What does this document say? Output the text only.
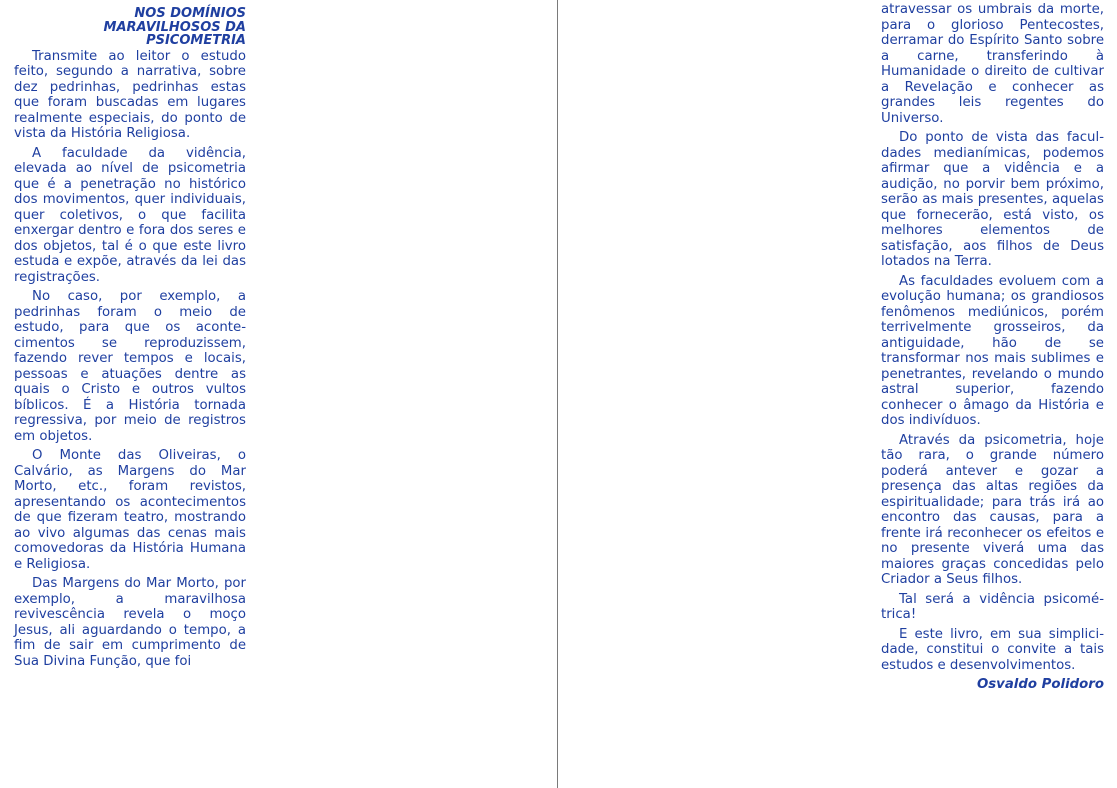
NOS DOMÍNIOS
MARAVILHOSOS DA
PSICOMETRIA

Transmite ao leitor o estudo feito, segundo a narrativa, sobre dez pedrinhas, pedrinhas estas que foram buscadas em lugares realmente especiais, do ponto de vista da História Religiosa.

A faculdade da vidência, elevada ao nível de psicometria que é a penetração no histórico dos movimentos, quer individuais, quer coletivos, o que facilita enxergar dentro e fora dos seres e dos objetos, tal é o que este livro estuda e expõe, através da lei das registrações.

No caso, por exemplo, a pedrinhas foram o meio de estudo, para que os acontecimentos se reproduzissem, fazendo rever tempos e locais, pessoas e atuações dentre as quais o Cristo e outros vultos bíblicos. É a História tornada regressiva, por meio de registros em objetos.

O Monte das Oliveiras, o Calvário, as Margens do Mar Morto, etc., foram revistos, apresentando os acontecimentos de que fizeram teatro, mostrando ao vivo algumas das cenas mais comovedoras da História Humana e Religiosa.

Das Margens do Mar Morto, por exemplo, a maravilhosa revivescência revela o moço Jesus, ali aguardando o tempo, a fim de sair em cumprimento de Sua Divina Função, que foi

atravessar os umbrais da morte, para o glorioso Pentecostes, derramar do Espírito Santo sobre a carne, transferindo à Humanidade o direito de cultivar a Revelação e conhecer as grandes leis regentes do Universo.

Do ponto de vista das faculdades medianímicas, podemos afirmar que a vidência e a audição, no porvir bem próximo, serão as mais presentes, aquelas que fornecerão, está visto, os melhores elementos de satisfação, aos filhos de Deus lotados na Terra.

As faculdades evoluem com a evolução humana; os grandiosos fenômenos mediúnicos, porém terrivelmente grosseiros, da antiguidade, hão de se transformar nos mais sublimes e penetrantes, revelando o mundo astral superior, fazendo conhecer o âmago da História e dos indivíduos.

Através da psicometria, hoje tão rara, o grande número poderá antever e gozar a presença das altas regiões da espiritualidade; para trás irá ao encontro das causas, para a frente irá reconhecer os efeitos e no presente viverá uma das maiores graças concedidas pelo Criador a Seus filhos.

Tal será a vidência psicométrica!

E este livro, em sua simplicidade, constitui o convite a tais estudos e desenvolvimentos.

Osvaldo Polidoro
